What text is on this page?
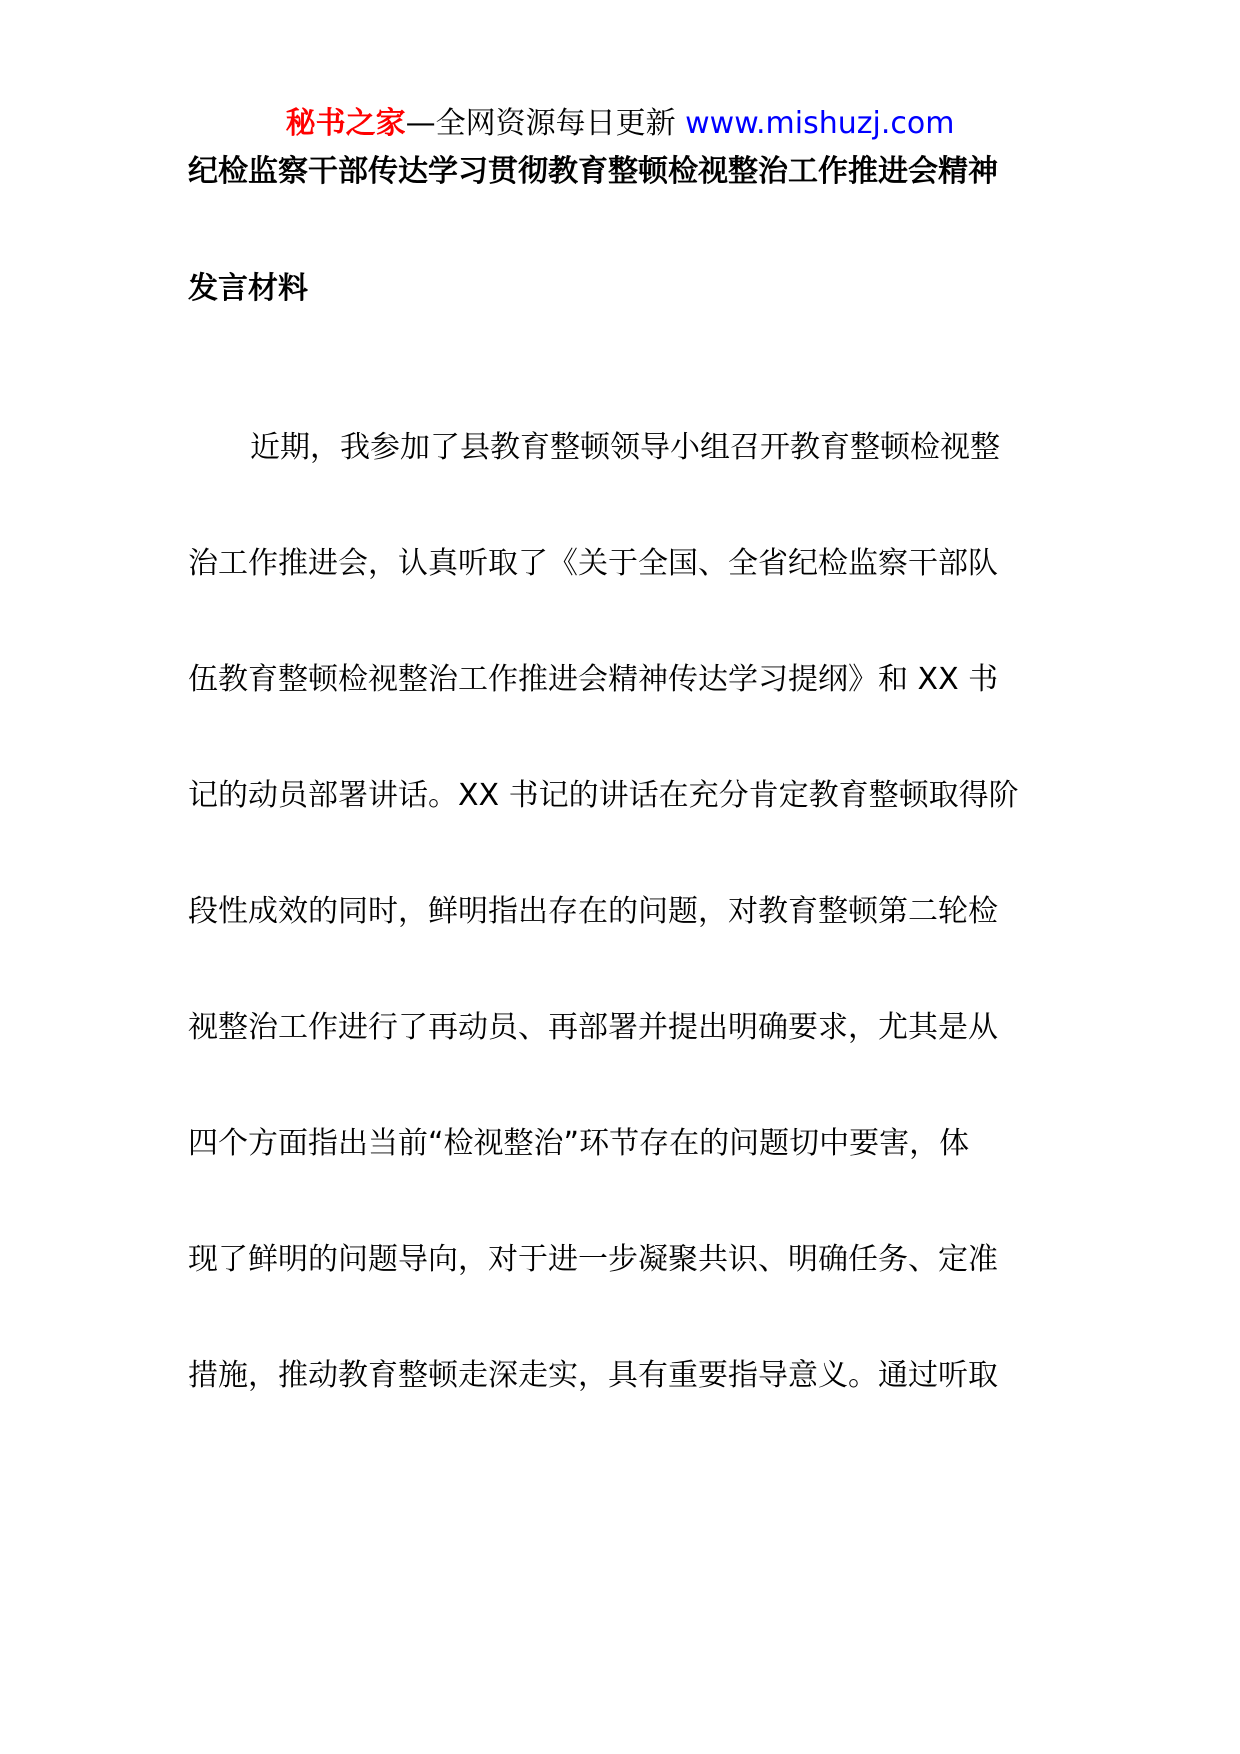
秘书之家—全网资源每日更新 www.mishuzj.com
纪检监察干部传达学习贯彻教育整顿检视整治工作推进会精神
发言材料
近期，我参加了县教育整顿领导小组召开教育整顿检视整
治工作推进会，认真听取了《关于全国、全省纪检监察干部队
伍教育整顿检视整治工作推进会精神传达学习提纲》和 XX 书
记的动员部署讲话。XX 书记的讲话在充分肯定教育整顿取得阶
段性成效的同时，鲜明指出存在的问题，对教育整顿第二轮检
视整治工作进行了再动员、再部署并提出明确要求，尤其是从
四个方面指出当前“检视整治”环节存在的问题切中要害，体
现了鲜明的问题导向，对于进一步凝聚共识、明确任务、定准
措施，推动教育整顿走深走实，具有重要指导意义。通过听取
